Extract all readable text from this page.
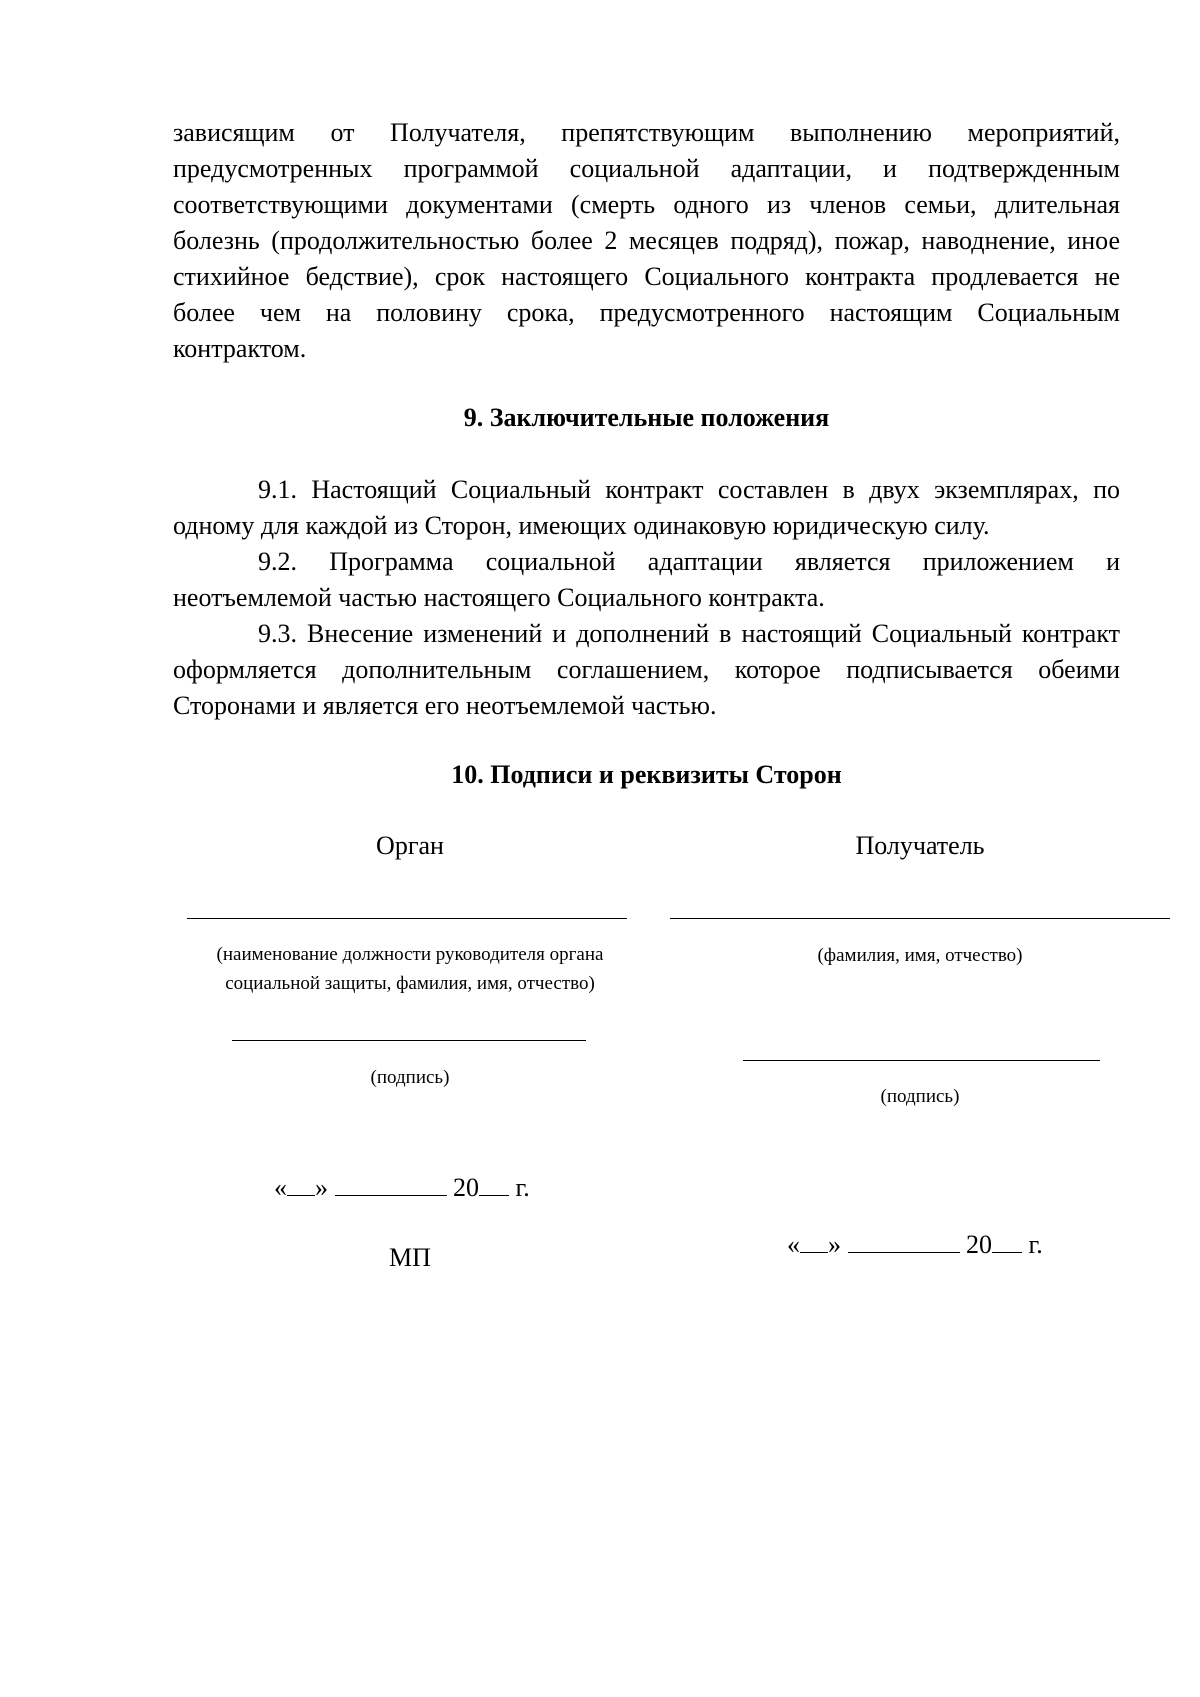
зависящим от Получателя, препятствующим выполнению мероприятий, предусмотренных программой социальной адаптации, и подтвержденным соответствующими документами (смерть одного из членов семьи, длительная болезнь (продолжительностью более 2 месяцев подряд), пожар, наводнение, иное стихийное бедствие), срок настоящего Социального контракта продлевается не более чем на половину срока, предусмотренного настоящим Социальным контрактом.

9. Заключительные положения

9.1. Настоящий Социальный контракт составлен в двух экземплярах, по одному для каждой из Сторон, имеющих одинаковую юридическую силу.

9.2. Программа социальной адаптации является приложением и неотъемлемой частью настоящего Социального контракта.

9.3. Внесение изменений и дополнений в настоящий Социальный контракт оформляется дополнительным соглашением, которое подписывается обеими Сторонами и является его неотъемлемой частью.

10. Подписи и реквизиты Сторон
Орган
(наименование должности руководителя органа
социальной защиты, фамилия, имя, отчество)
(подпись)
« »	20 г.
МП
Получатель
(фамилия, имя, отчество)
(подпись)
« »	20 г.
